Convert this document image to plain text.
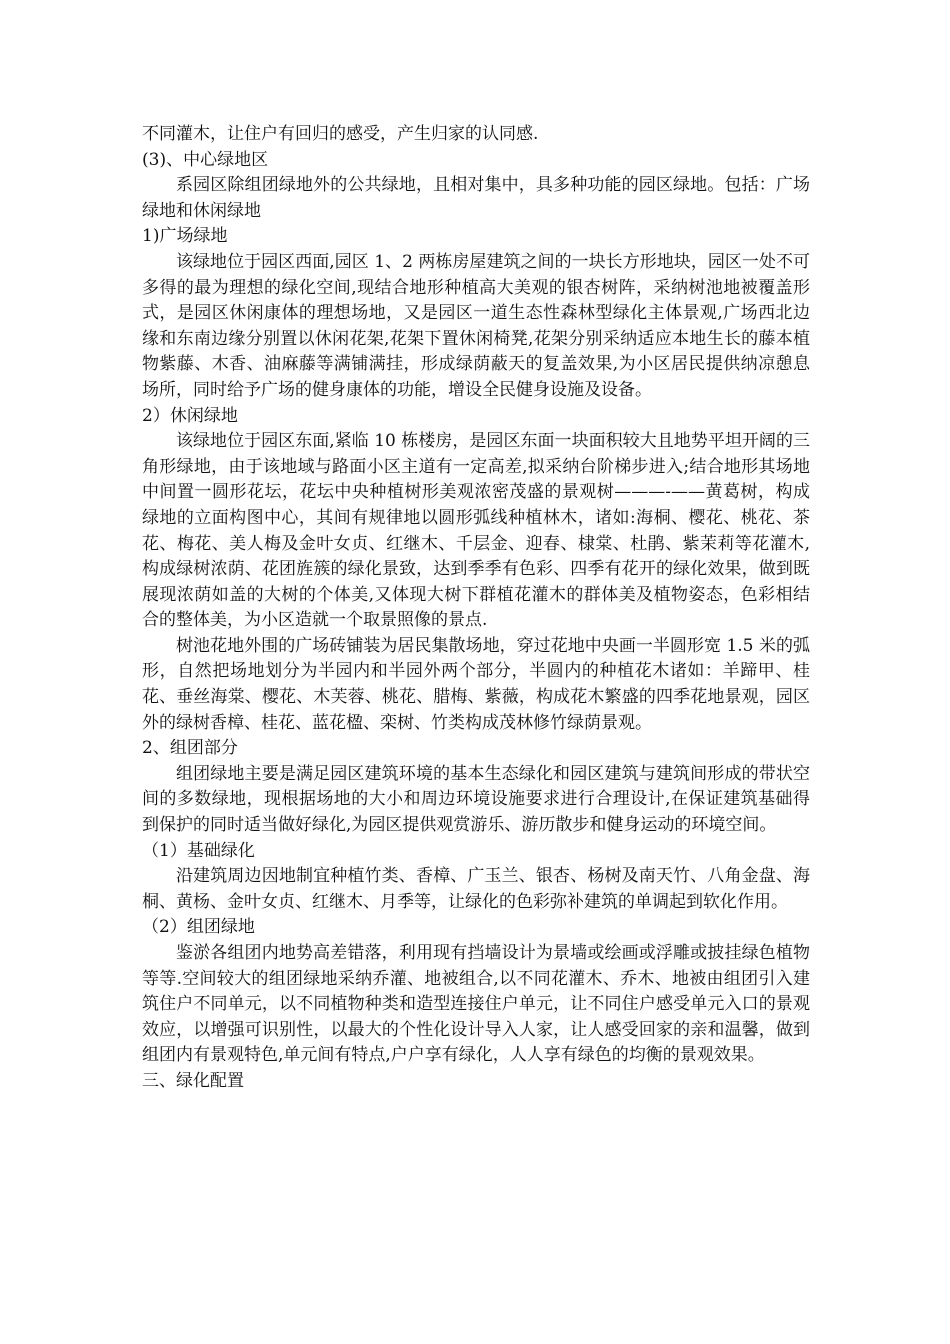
不同灌木，让住户有回归的感受，产生归家的认同感.

(3)、中心绿地区

系园区除组团绿地外的公共绿地，且相对集中，具多种功能的园区绿地。包括：广场绿地和休闲绿地

1)广场绿地

该绿地位于园区西面,园区 1、2 两栋房屋建筑之间的一块长方形地块，园区一处不可多得的最为理想的绿化空间,现结合地形种植高大美观的银杏树阵，采纳树池地被覆盖形式，是园区休闲康体的理想场地，又是园区一道生态性森林型绿化主体景观,广场西北边缘和东南边缘分别置以休闲花架,花架下置休闲椅凳,花架分别采纳适应本地生长的藤本植物紫藤、木香、油麻藤等满铺满挂，形成绿荫蔽天的复盖效果,为小区居民提供纳凉憩息场所，同时给予广场的健身康体的功能，增设全民健身设施及设备。

2）休闲绿地

该绿地位于园区东面,紧临 10 栋楼房，是园区东面一块面积较大且地势平坦开阔的三角形绿地，由于该地域与路面小区主道有一定高差,拟采纳台阶梯步进入;结合地形其场地中间置一圆形花坛，花坛中央种植树形美观浓密茂盛的景观树———-——黄葛树，构成绿地的立面构图中心，其间有规律地以圆形弧线种植林木，诸如:海桐、樱花、桃花、茶花、梅花、美人梅及金叶女贞、红继木、千层金、迎春、棣棠、杜鹃、紫茉莉等花灌木,构成绿树浓荫、花团旌簇的绿化景致，达到季季有色彩、四季有花开的绿化效果，做到既展现浓荫如盖的大树的个体美,又体现大树下群植花灌木的群体美及植物姿态，色彩相结合的整体美，为小区造就一个取景照像的景点.

树池花地外围的广场砖铺装为居民集散场地，穿过花地中央画一半圆形宽 1.5 米的弧形，自然把场地划分为半园内和半园外两个部分，半圆内的种植花木诸如：羊蹄甲、桂花、垂丝海棠、樱花、木芙蓉、桃花、腊梅、紫薇，构成花木繁盛的四季花地景观，园区外的绿树香樟、桂花、蓝花楹、栾树、竹类构成茂林修竹绿荫景观。

2、组团部分

组团绿地主要是满足园区建筑环境的基本生态绿化和园区建筑与建筑间形成的带状空间的多数绿地，现根据场地的大小和周边环境设施要求进行合理设计,在保证建筑基础得到保护的同时适当做好绿化,为园区提供观赏游乐、游历散步和健身运动的环境空间。

（1）基础绿化

沿建筑周边因地制宜种植竹类、香樟、广玉兰、银杏、杨树及南天竹、八角金盘、海桐、黄杨、金叶女贞、红继木、月季等，让绿化的色彩弥补建筑的单调起到软化作用。

（2）组团绿地

鉴淤各组团内地势高差错落，利用现有挡墙设计为景墙或绘画或浮雕或披挂绿色植物等等.空间较大的组团绿地采纳乔灌、地被组合,以不同花灌木、乔木、地被由组团引入建筑住户不同单元，以不同植物种类和造型连接住户单元，让不同住户感受单元入口的景观效应，以增强可识别性，以最大的个性化设计导入人家，让人感受回家的亲和温馨，做到组团内有景观特色,单元间有特点,户户享有绿化，人人享有绿色的均衡的景观效果。

三、绿化配置
